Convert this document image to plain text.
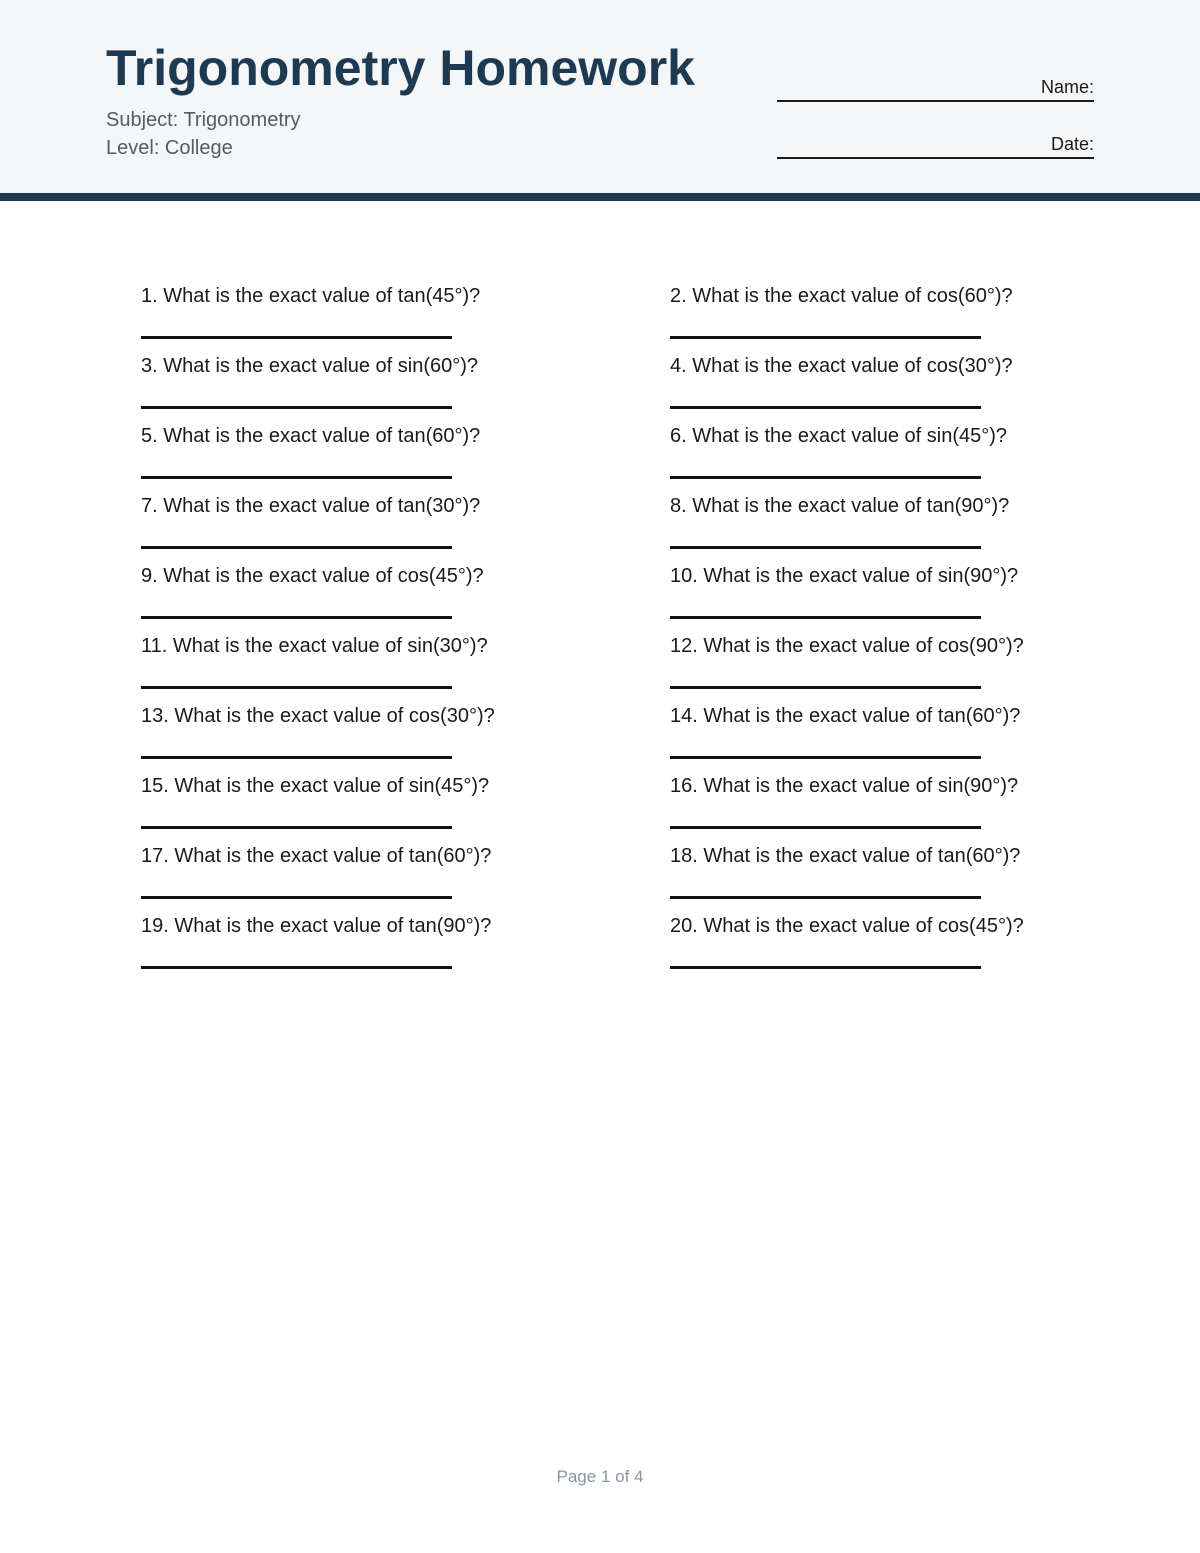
Trigonometry Homework
Subject: Trigonometry
Level: College
Name:
Date:
1. What is the exact value of tan(45°)?	2. What is the exact value of cos(60°)?
3. What is the exact value of sin(60°)?	4. What is the exact value of cos(30°)?
5. What is the exact value of tan(60°)?	6. What is the exact value of sin(45°)?
7. What is the exact value of tan(30°)?	8. What is the exact value of tan(90°)?
9. What is the exact value of cos(45°)?	10. What is the exact value of sin(90°)?
11. What is the exact value of sin(30°)?	12. What is the exact value of cos(90°)?
13. What is the exact value of cos(30°)?	14. What is the exact value of tan(60°)?
15. What is the exact value of sin(45°)?	16. What is the exact value of sin(90°)?
17. What is the exact value of tan(60°)?	18. What is the exact value of tan(60°)?
19. What is the exact value of tan(90°)?	20. What is the exact value of cos(45°)?
Page 1 of 4
